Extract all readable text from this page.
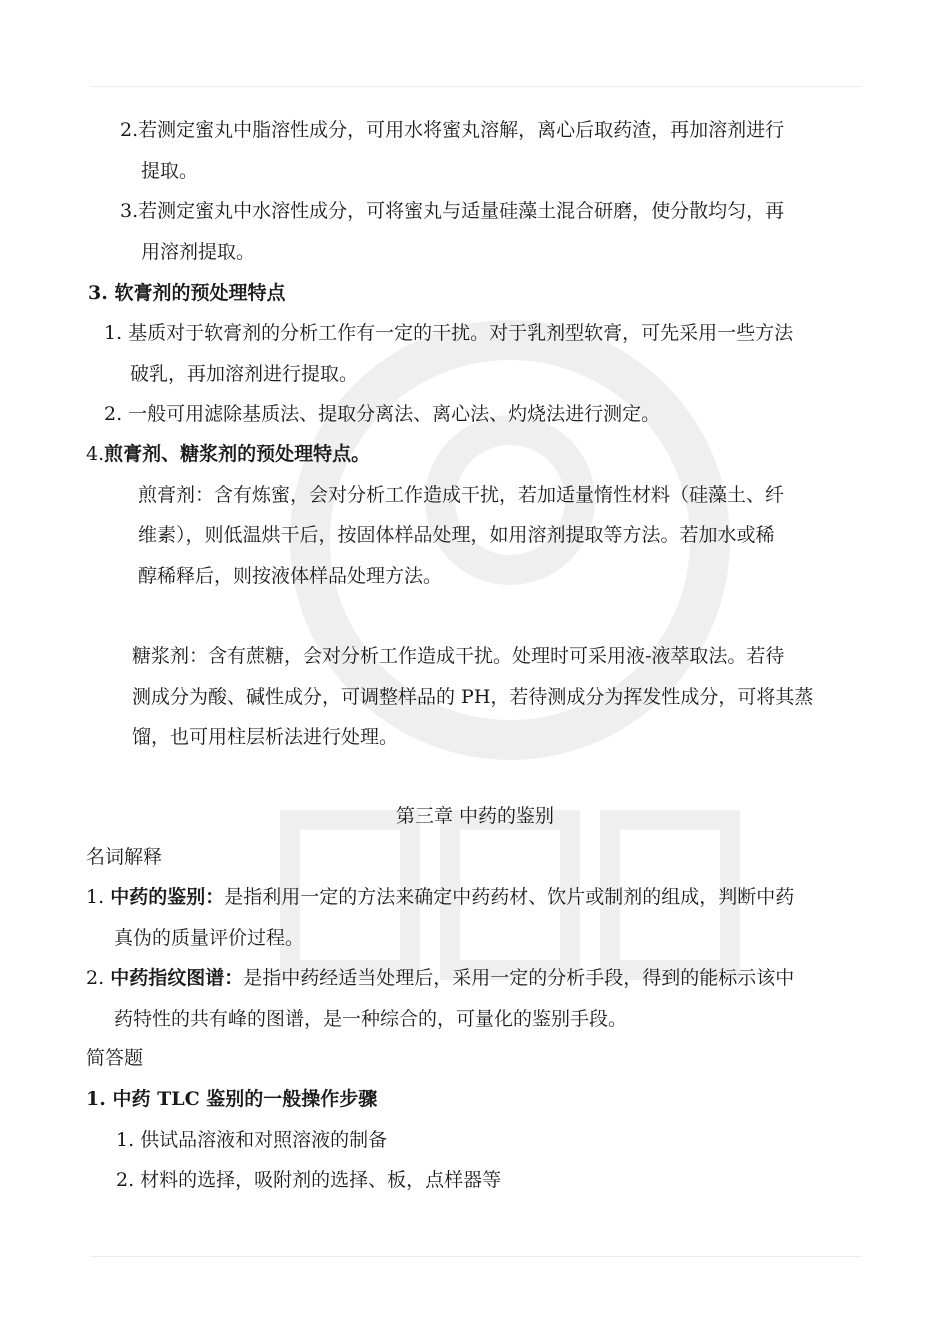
2.若测定蜜丸中脂溶性成分，可用水将蜜丸溶解，离心后取药渣，再加溶剂进行
提取。
3.若测定蜜丸中水溶性成分，可将蜜丸与适量硅藻土混合研磨，使分散均匀，再
用溶剂提取。
3. 软膏剂的预处理特点
1. 基质对于软膏剂的分析工作有一定的干扰。对于乳剂型软膏，可先采用一些方法
破乳，再加溶剂进行提取。
2. 一般可用滤除基质法、提取分离法、离心法、灼烧法进行测定。
4.煎膏剂、糖浆剂的预处理特点。
煎膏剂：含有炼蜜，会对分析工作造成干扰，若加适量惰性材料（硅藻土、纤
维素），则低温烘干后，按固体样品处理，如用溶剂提取等方法。若加水或稀
醇稀释后，则按液体样品处理方法。
糖浆剂：含有蔗糖，会对分析工作造成干扰。处理时可采用液-液萃取法。若待
测成分为酸、碱性成分，可调整样品的 PH，若待测成分为挥发性成分，可将其蒸
馏，也可用柱层析法进行处理。
第三章 中药的鉴别
名词解释
1. 中药的鉴别：是指利用一定的方法来确定中药药材、饮片或制剂的组成，判断中药
真伪的质量评价过程。
2. 中药指纹图谱：是指中药经适当处理后，采用一定的分析手段，得到的能标示该中
药特性的共有峰的图谱，是一种综合的，可量化的鉴别手段。
简答题
1. 中药 TLC 鉴别的一般操作步骤
1. 供试品溶液和对照溶液的制备
2. 材料的选择，吸附剂的选择、板，点样器等
